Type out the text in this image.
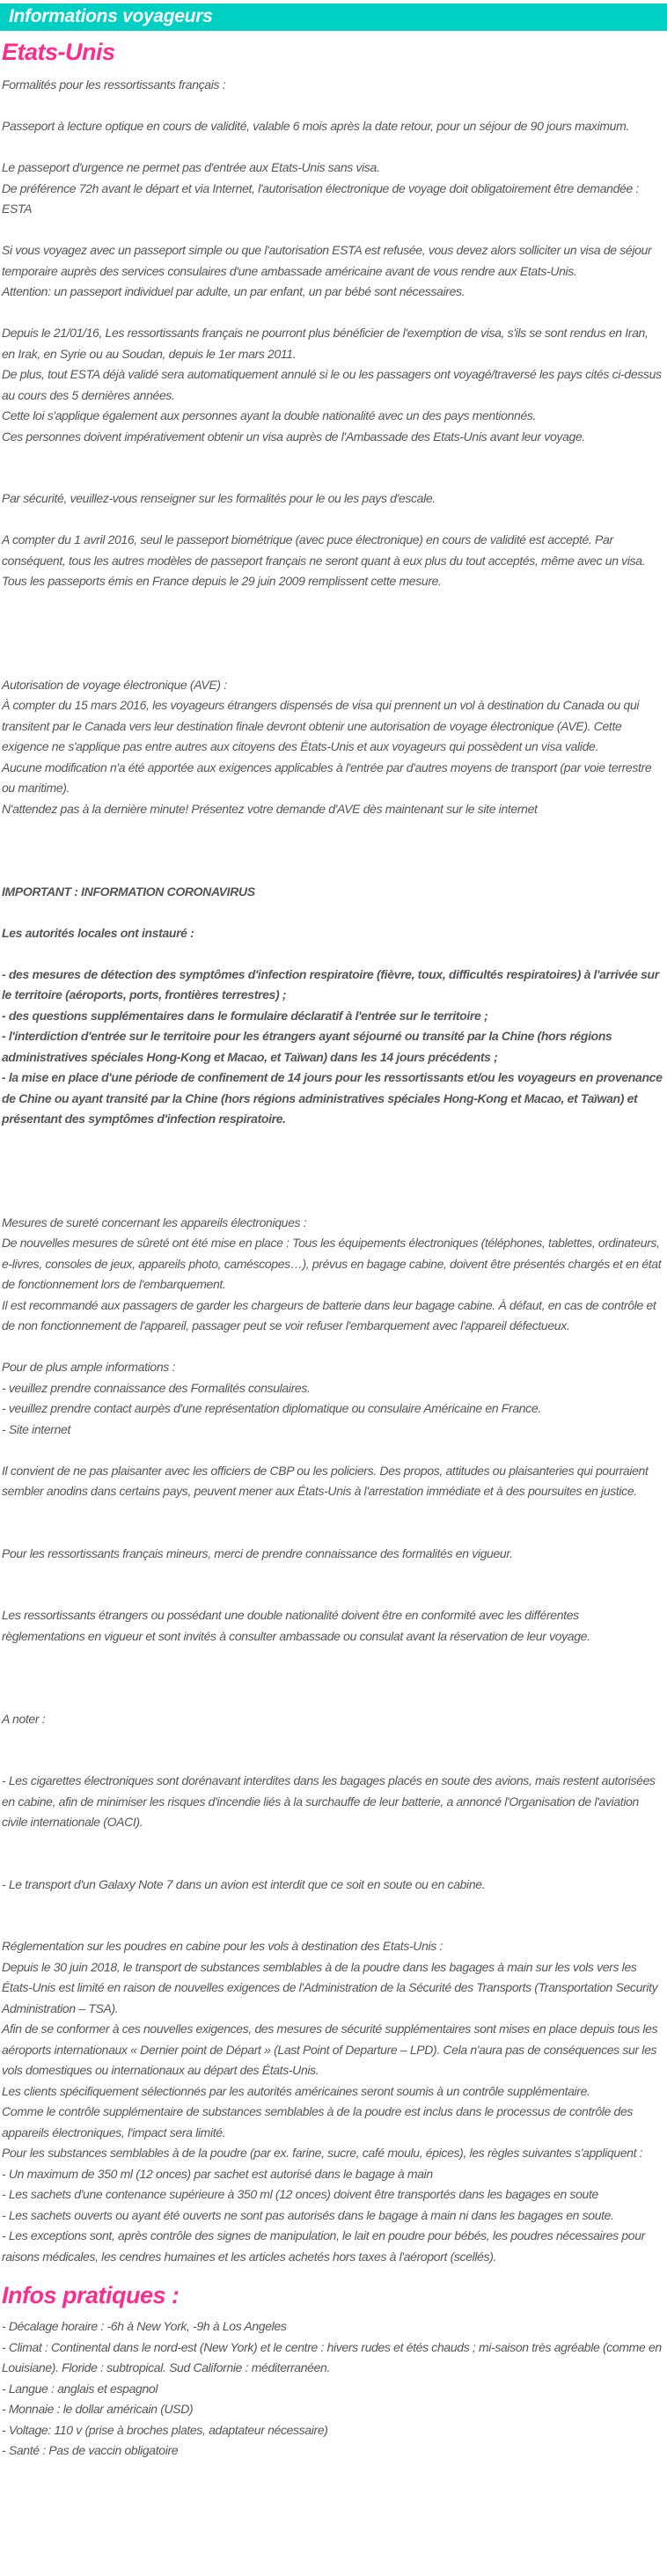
Informations voyageurs
Etats-Unis

Formalités pour les ressortissants français :

Passeport à lecture optique en cours de validité, valable 6 mois après la date retour, pour un séjour de 90 jours maximum.

Le passeport d'urgence ne permet pas d'entrée aux Etats-Unis sans visa.

De préférence 72h avant le départ et via Internet, l'autorisation électronique de voyage doit obligatoirement être demandée : ESTA

Si vous voyagez avec un passeport simple ou que l'autorisation ESTA est refusée, vous devez alors solliciter un visa de séjour temporaire auprès des services consulaires d'une ambassade américaine avant de vous rendre aux Etats-Unis.

Attention: un passeport individuel par adulte, un par enfant, un par bébé sont nécessaires.

Depuis le 21/01/16, Les ressortissants français ne pourront plus bénéficier de l'exemption de visa, s'ils se sont rendus en Iran, en Irak, en Syrie ou au Soudan, depuis le 1er mars 2011.

De plus, tout ESTA déjà validé sera automatiquement annulé si le ou les passagers ont voyagé/traversé les pays cités ci-dessus au cours des 5 dernières années.

Cette loi s'applique également aux personnes ayant la double nationalité avec un des pays mentionnés.

Ces personnes doivent impérativement obtenir un visa auprès de l'Ambassade des Etats-Unis avant leur voyage.

Par sécurité, veuillez-vous renseigner sur les formalités pour le ou les pays d'escale.

A compter du 1 avril 2016, seul le passeport biométrique (avec puce électronique) en cours de validité est accepté. Par conséquent, tous les autres modèles de passeport français ne seront quant à eux plus du tout acceptés, même avec un visa.

Tous les passeports émis en France depuis le 29 juin 2009 remplissent cette mesure.

Autorisation de voyage électronique (AVE) :

À compter du 15 mars 2016, les voyageurs étrangers dispensés de visa qui prennent un vol à destination du Canada ou qui transitent par le Canada vers leur destination finale devront obtenir une autorisation de voyage électronique (AVE). Cette exigence ne s'applique pas entre autres aux citoyens des États-Unis et aux voyageurs qui possèdent un visa valide.

Aucune modification n'a été apportée aux exigences applicables à l'entrée par d'autres moyens de transport (par voie terrestre ou maritime).

N'attendez pas à la dernière minute! Présentez votre demande d'AVE dès maintenant sur le site internet

IMPORTANT : INFORMATION CORONAVIRUS

Les autorités locales ont instauré :

- des mesures de détection des symptômes d'infection respiratoire (fièvre, toux, difficultés respiratoires) à l'arrivée sur le territoire (aéroports, ports, frontières terrestres) ;

- des questions supplémentaires dans le formulaire déclaratif à l'entrée sur le territoire ;

- l'interdiction d'entrée sur le territoire pour les étrangers ayant séjourné ou transité par la Chine (hors régions administratives spéciales Hong-Kong et Macao, et Taïwan) dans les 14 jours précédents ;

- la mise en place d'une période de confinement de 14 jours pour les ressortissants et/ou les voyageurs en provenance de Chine ou ayant transité par la Chine (hors régions administratives spéciales Hong-Kong et Macao, et Taïwan) et présentant des symptômes d'infection respiratoire.

Mesures de sureté concernant les appareils électroniques :

De nouvelles mesures de sûreté ont été mise en place : Tous les équipements électroniques (téléphones, tablettes, ordinateurs, e-livres, consoles de jeux, appareils photo, caméscopes…), prévus en bagage cabine, doivent être présentés chargés et en état de fonctionnement lors de l'embarquement.

Il est recommandé aux passagers de garder les chargeurs de batterie dans leur bagage cabine. À défaut, en cas de contrôle et de non fonctionnement de l'appareil, passager peut se voir refuser l'embarquement avec l'appareil défectueux.

Pour de plus ample informations :

- veuillez prendre connaissance des Formalités consulaires.

- veuillez prendre contact aurpès d'une représentation diplomatique ou consulaire Américaine en France.

- Site internet

Il convient de ne pas plaisanter avec les officiers de CBP ou les policiers. Des propos, attitudes ou plaisanteries qui pourraient sembler anodins dans certains pays, peuvent mener aux États-Unis à l'arrestation immédiate et à des poursuites en justice.

Pour les ressortissants français mineurs, merci de prendre connaissance des formalités en vigueur.

Les ressortissants étrangers ou possédant une double nationalité doivent être en conformité avec les différentes règlementations en vigueur et sont invités à consulter ambassade ou consulat avant la réservation de leur voyage.

A noter :

- Les cigarettes électroniques sont dorénavant interdites dans les bagages placés en soute des avions, mais restent autorisées en cabine, afin de minimiser les risques d'incendie liés à la surchauffe de leur batterie, a annoncé l'Organisation de l'aviation civile internationale (OACI).

- Le transport d'un Galaxy Note 7 dans un avion est interdit que ce soit en soute ou en cabine.

Réglementation sur les poudres en cabine pour les vols à destination des Etats-Unis :

Depuis le 30 juin 2018, le transport de substances semblables à de la poudre dans les bagages à main sur les vols vers les États-Unis est limité en raison de nouvelles exigences de l'Administration de la Sécurité des Transports (Transportation Security Administration – TSA).

Afin de se conformer à ces nouvelles exigences, des mesures de sécurité supplémentaires sont mises en place depuis tous les aéroports internationaux « Dernier point de Départ » (Last Point of Departure – LPD). Cela n'aura pas de conséquences sur les vols domestiques ou internationaux au départ des États-Unis.

Les clients spécifiquement sélectionnés par les autorités américaines seront soumis à un contrôle supplémentaire.

Comme le contrôle supplémentaire de substances semblables à de la poudre est inclus dans le processus de contrôle des appareils électroniques, l'impact sera limité.

Pour les substances semblables à de la poudre (par ex. farine, sucre, café moulu, épices), les règles suivantes s'appliquent :

- Un maximum de 350 ml (12 onces) par sachet est autorisé dans le bagage à main

- Les sachets d'une contenance supérieure à 350 ml (12 onces) doivent être transportés dans les bagages en soute

- Les sachets ouverts ou ayant été ouverts ne sont pas autorisés dans le bagage à main ni dans les bagages en soute.

- Les exceptions sont, après contrôle des signes de manipulation, le lait en poudre pour bébés, les poudres nécessaires pour raisons médicales, les cendres humaines et les articles achetés hors taxes à l'aéroport (scellés).

Infos pratiques :

- Décalage horaire : -6h à New York, -9h à Los Angeles

- Climat : Continental dans le nord-est (New York) et le centre : hivers rudes et étés chauds ; mi-saison très agréable (comme en Louisiane). Floride : subtropical. Sud Californie : méditerranéen.

- Langue : anglais et espagnol

- Monnaie : le dollar américain (USD)

- Voltage: 110 v (prise à broches plates, adaptateur nécessaire)

- Santé : Pas de vaccin obligatoire
